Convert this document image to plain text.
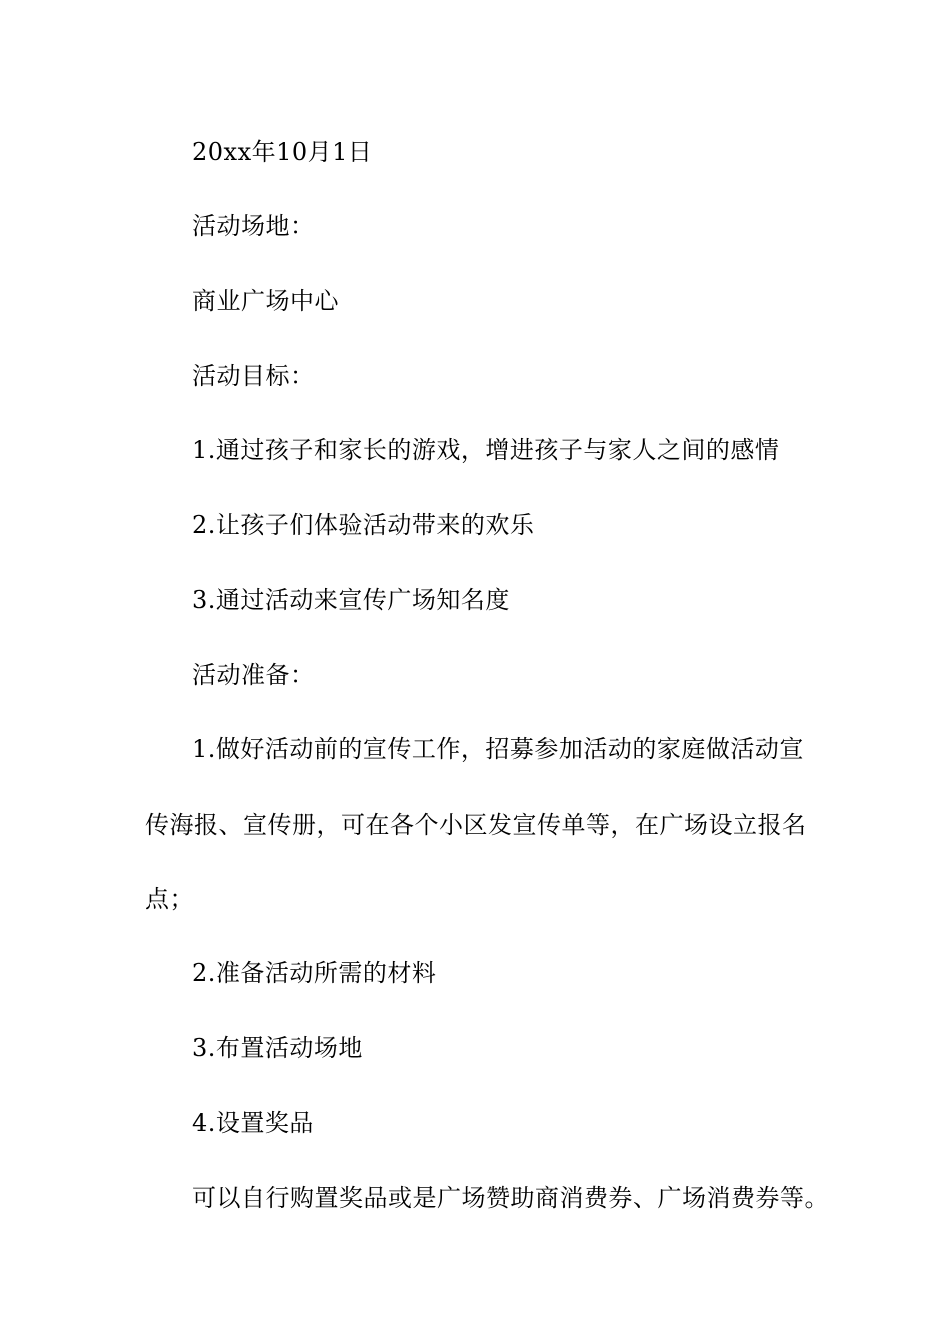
20xx年10月1日
活动场地：
商业广场中心
活动目标：
1.通过孩子和家长的游戏，增进孩子与家人之间的感情
2.让孩子们体验活动带来的欢乐
3.通过活动来宣传广场知名度
活动准备：
1.做好活动前的宣传工作，招募参加活动的家庭做活动宣
传海报、宣传册，可在各个小区发宣传单等，在广场设立报名
点；
2.准备活动所需的材料
3.布置活动场地
4.设置奖品
可以自行购置奖品或是广场赞助商消费券、广场消费券等。
